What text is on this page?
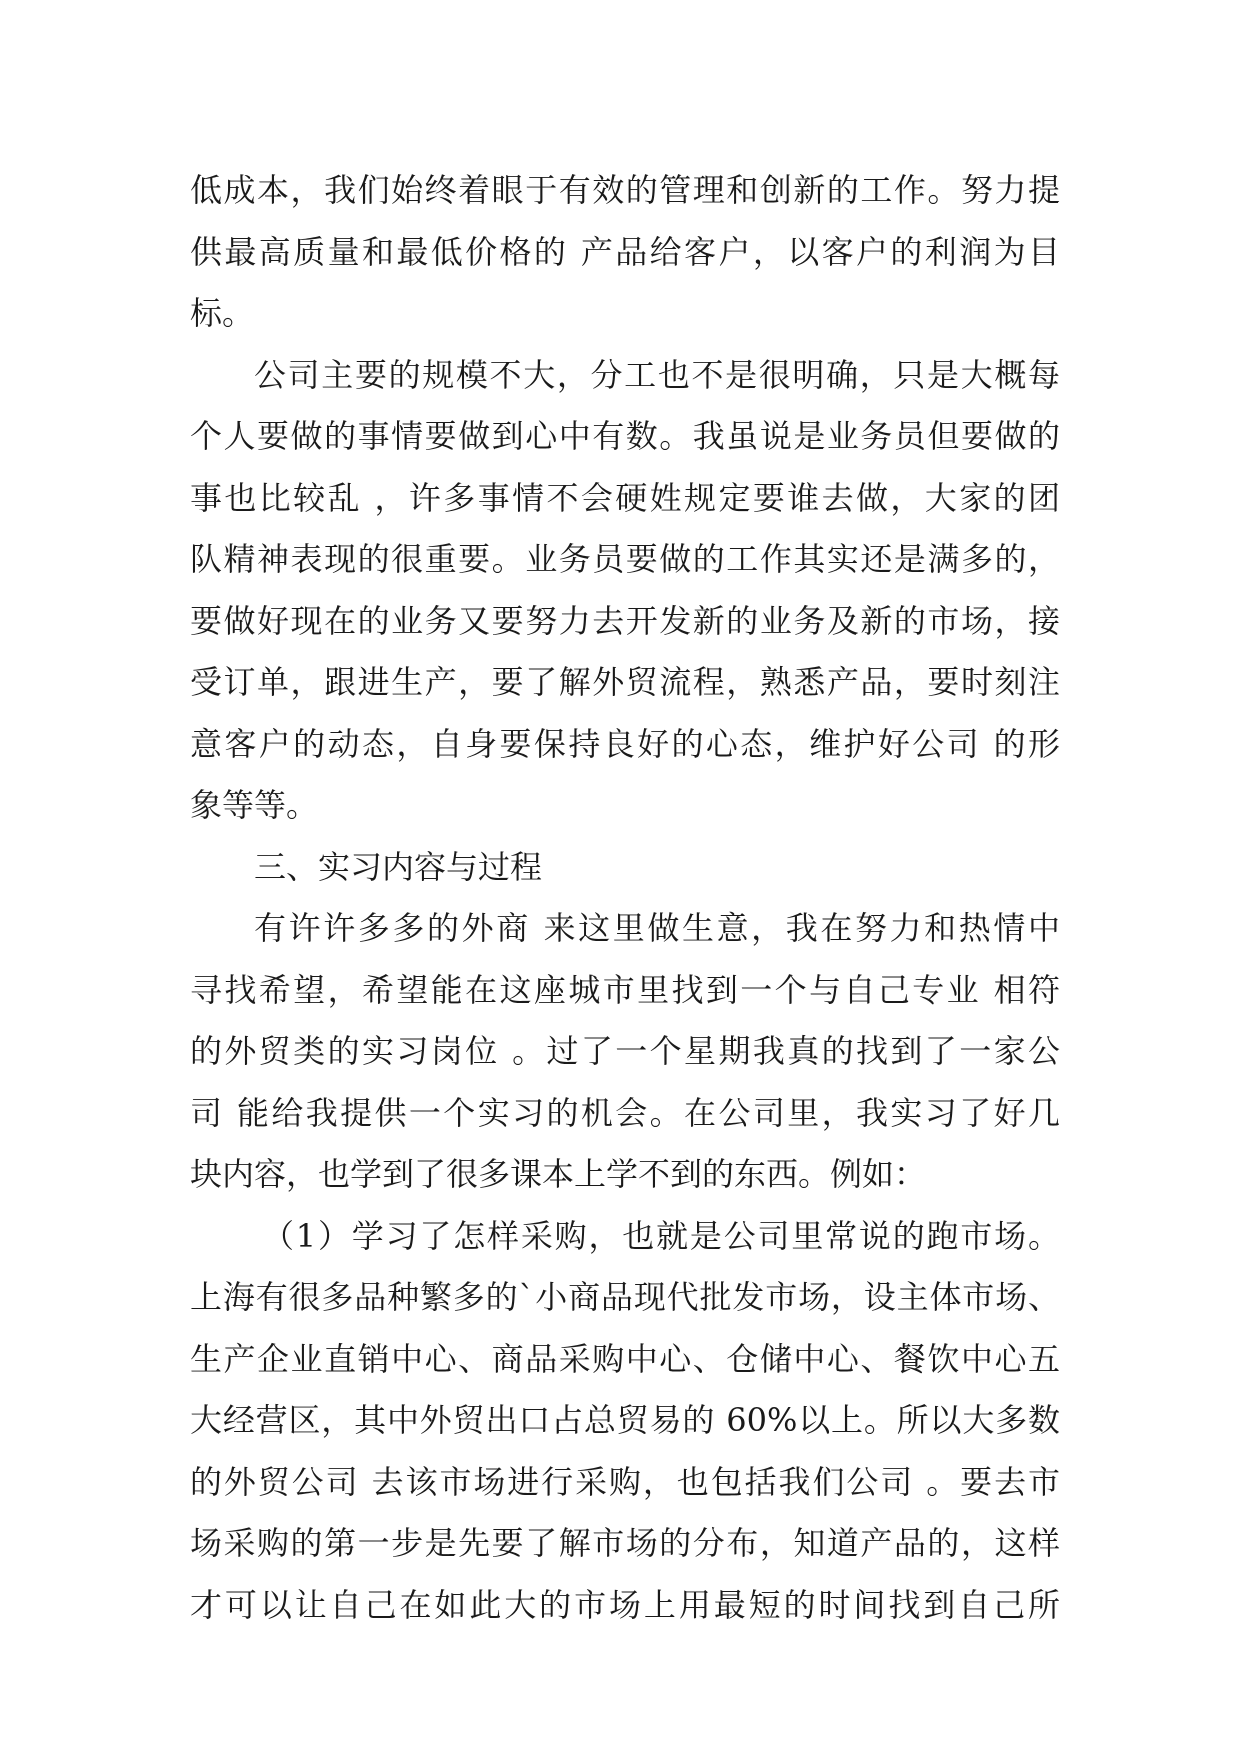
低成本，我们始终着眼于有效的管理和创新的工作。努力提
供最高质量和最低价格的 产品给客户，以客户的利润为目
标。
公司主要的规模不大，分工也不是很明确，只是大概每
个人要做的事情要做到心中有数。我虽说是业务员但要做的
事也比较乱 ，许多事情不会硬姓规定要谁去做，大家的团
队精神表现的很重要。业务员要做的工作其实还是满多的，
要做好现在的业务又要努力去开发新的业务及新的市场，接
受订单，跟进生产，要了解外贸流程，熟悉产品，要时刻注
意客户的动态，自身要保持良好的心态，维护好公司 的形
象等等。
三、实习内容与过程
有许许多多的外商 来这里做生意，我在努力和热情中
寻找希望，希望能在这座城市里找到一个与自己专业 相符
的外贸类的实习岗位 。过了一个星期我真的找到了一家公
司 能给我提供一个实习的机会。在公司里，我实习了好几
块内容，也学到了很多课本上学不到的东西。例如：
（1）学习了怎样采购，也就是公司里常说的跑市场。
上海有很多品种繁多的`小商品现代批发市场，设主体市场、
生产企业直销中心、商品采购中心、仓储中心、餐饮中心五
大经营区，其中外贸出口占总贸易的 60%以上。所以大多数
的外贸公司 去该市场进行采购，也包括我们公司 。要去市
场采购的第一步是先要了解市场的分布，知道产品的，这样
才可以让自己在如此大的市场上用最短的时间找到自己所
